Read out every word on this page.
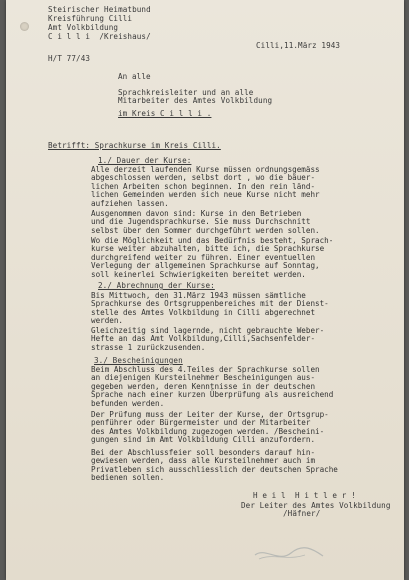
Steirischer Heimatbund
Kreisführung Cilli
Amt Volkbildung
C i l l i  /Kreishaus/
Cilli,11.März 1943
H/T 77/43
An alle
Sprachkreisleiter und an alle
Mitarbeiter des Amtes Volkbildung
im Kreis C i l l i .
Betrifft: Sprachkurse im Kreis Cilli.
1./ Dauer der Kurse:
Alle derzeit laufenden Kurse müssen ordnungsgemäss
abgeschlossen werden, selbst dort , wo die bäuer-
lichen Arbeiten schon beginnen. In den rein länd-
lichen Gemeinden werden sich neue Kurse nicht mehr
aufziehen lassen.
Ausgenommen davon sind: Kurse in den Betrieben
und die Jugendsprachkurse. Sie muss Durchschnitt
selbst über den Sommer durchgeführt werden sollen.
Wo die Möglichkeit und das Bedürfnis besteht, Sprach-
kurse weiter abzuhalten, bitte ich, die Sprachkurse
durchgreifend weiter zu führen. Einer eventuellen
Verlegung der allgemeinen Sprachkurse auf Sonntag,
soll keinerlei Schwierigkeiten bereitet werden.
2./ Abrechnung der Kurse:
Bis Mittwoch, den 31.März 1943 müssen sämtliche
Sprachkurse des Ortsgruppenbereiches mit der Dienst-
stelle des Amtes Volkbildung in Cilli abgerechnet
werden.
Gleichzeitig sind lagernde, nicht gebrauchte Weber-
Hefte an das Amt Volkbildung,Cilli,Sachsenfelder-
strasse 1 zurückzusenden.
3./ Bescheinigungen
Beim Abschluss des 4.Teiles der Sprachkurse sollen
an diejenigen Kursteilnehmer Bescheinigungen aus-
gegeben werden, deren Kenntnisse in der deutschen
Sprache nach einer kurzen Überprüfung als ausreichend
befunden werden.
Der Prüfung muss der Leiter der Kurse, der Ortsgrup-
penführer oder Bürgermeister und der Mitarbeiter
des Amtes Volkbildung zugezogen werden. /Bescheini-
gungen sind im Amt Volkbildung Cilli anzufordern.
Bei der Abschlussfeier soll besonders darauf hin-
gewiesen werden, dass alle Kursteilnehmer auch im
Privatleben sich ausschliesslich der deutschen Sprache
bedienen sollen.
H e i l  H i t l e r !
Der Leiter des Amtes Volkbildung
/Häfner/
